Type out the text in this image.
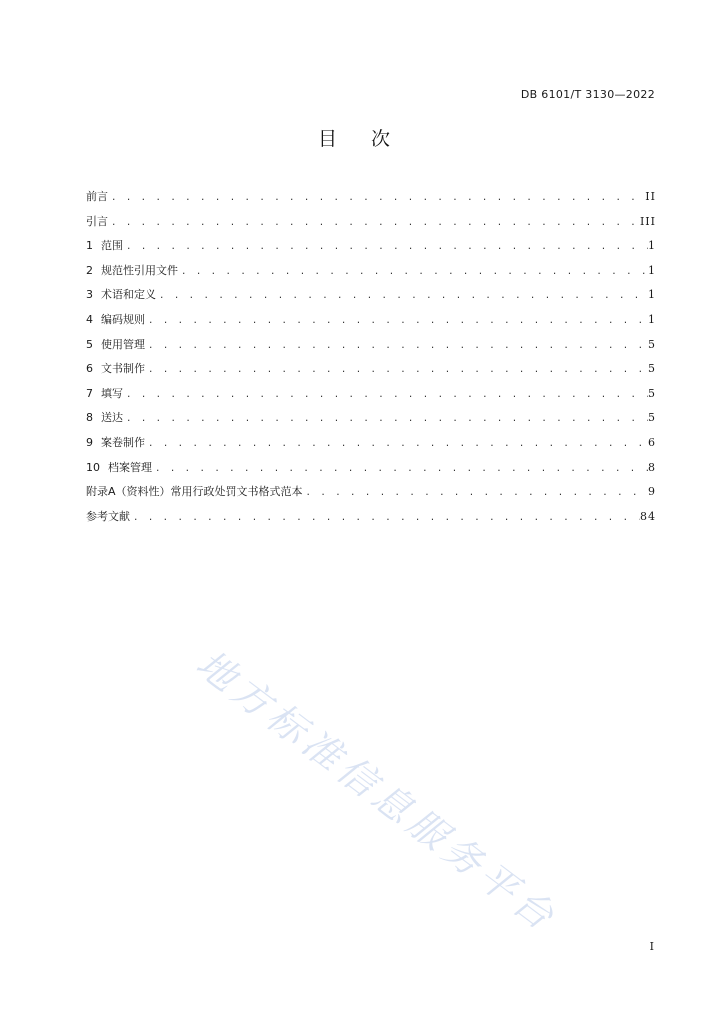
DB 6101/T 3130—2022
目次
前言 . . .	II
引言 . . .	III
1 范围 . . .	1
2 规范性引用文件 . . .	1
3 术语和定义 . . .	1
4 编码规则 . . .	1
5 使用管理 . . .	5
6 文书制作 . . .	5
7 填写 . . .	5
8 送达 . . .	5
9 案卷制作 . . .	6
10 档案管理 . . .	8
附录A（资料性）常用行政处罚文书格式范本 . . .	9
参考文献 . . .	84
地方标准信息服务平台
I
